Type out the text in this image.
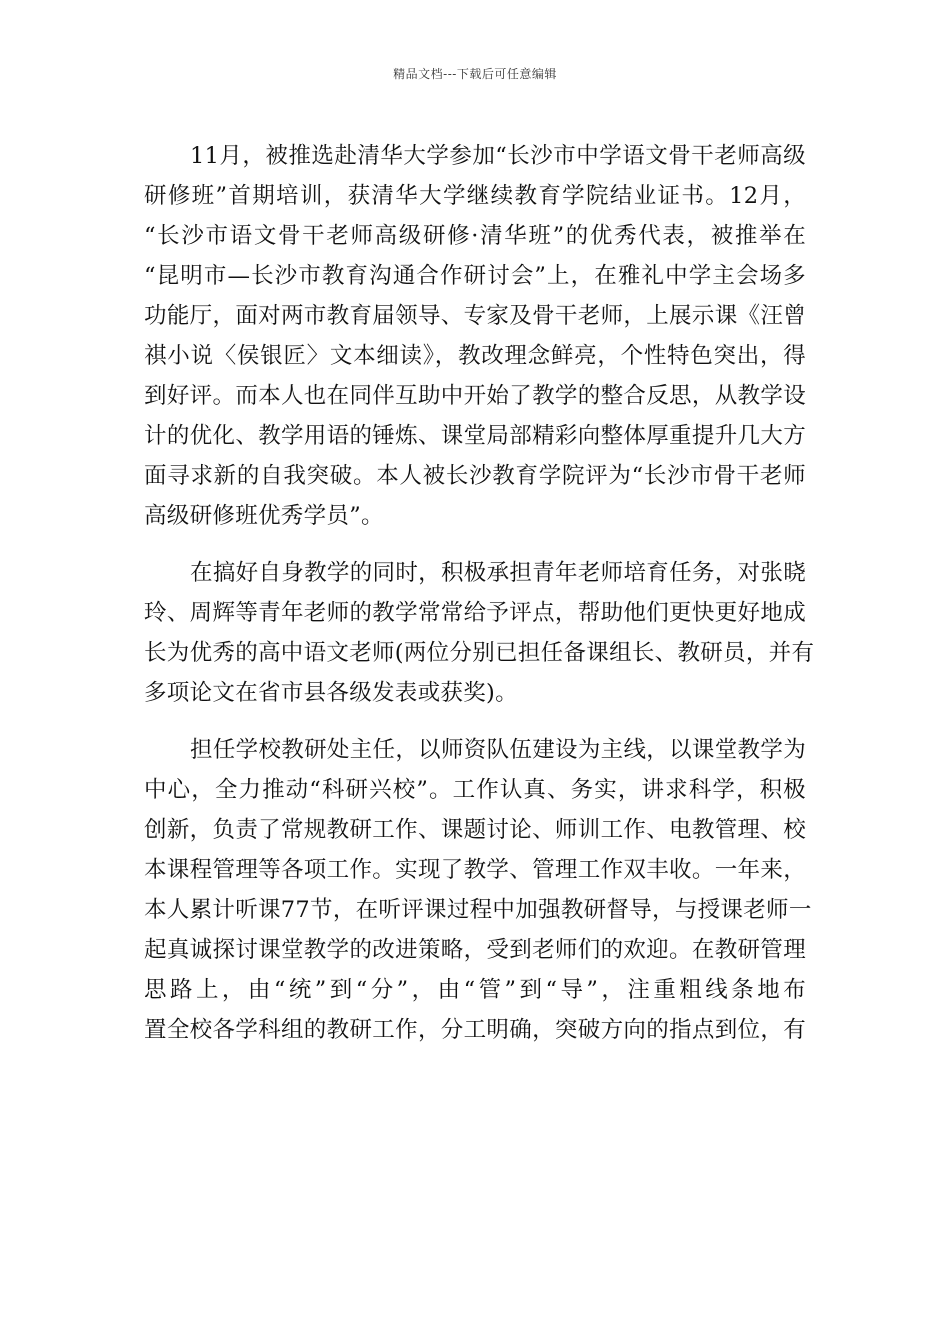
精品文档---下载后可任意编辑
11月，被推选赴清华大学参加“长沙市中学语文骨干老师高级
研修班”首期培训，获清华大学继续教育学院结业证书。12月，
“长沙市语文骨干老师高级研修·清华班”的优秀代表，被推举在
“昆明市—长沙市教育沟通合作研讨会”上，在雅礼中学主会场多
功能厅，面对两市教育届领导、专家及骨干老师，上展示课《汪曾
祺小说〈侯银匠〉文本细读》，教改理念鲜亮，个性特色突出，得
到好评。而本人也在同伴互助中开始了教学的整合反思，从教学设
计的优化、教学用语的锤炼、课堂局部精彩向整体厚重提升几大方
面寻求新的自我突破。本人被长沙教育学院评为“长沙市骨干老师
高级研修班优秀学员”。
在搞好自身教学的同时，积极承担青年老师培育任务，对张晓
玲、周辉等青年老师的教学常常给予评点，帮助他们更快更好地成
长为优秀的高中语文老师(两位分别已担任备课组长、教研员，并有
多项论文在省市县各级发表或获奖)。
担任学校教研处主任，以师资队伍建设为主线，以课堂教学为
中心，全力推动“科研兴校”。工作认真、务实，讲求科学，积极
创新，负责了常规教研工作、课题讨论、师训工作、电教管理、校
本课程管理等各项工作。实现了教学、管理工作双丰收。一年来，
本人累计听课77节，在听评课过程中加强教研督导，与授课老师一
起真诚探讨课堂教学的改进策略，受到老师们的欢迎。在教研管理
思路上，由“统”到“分”，由“管”到“导”，注重粗线条地布
置全校各学科组的教研工作，分工明确，突破方向的指点到位，有
